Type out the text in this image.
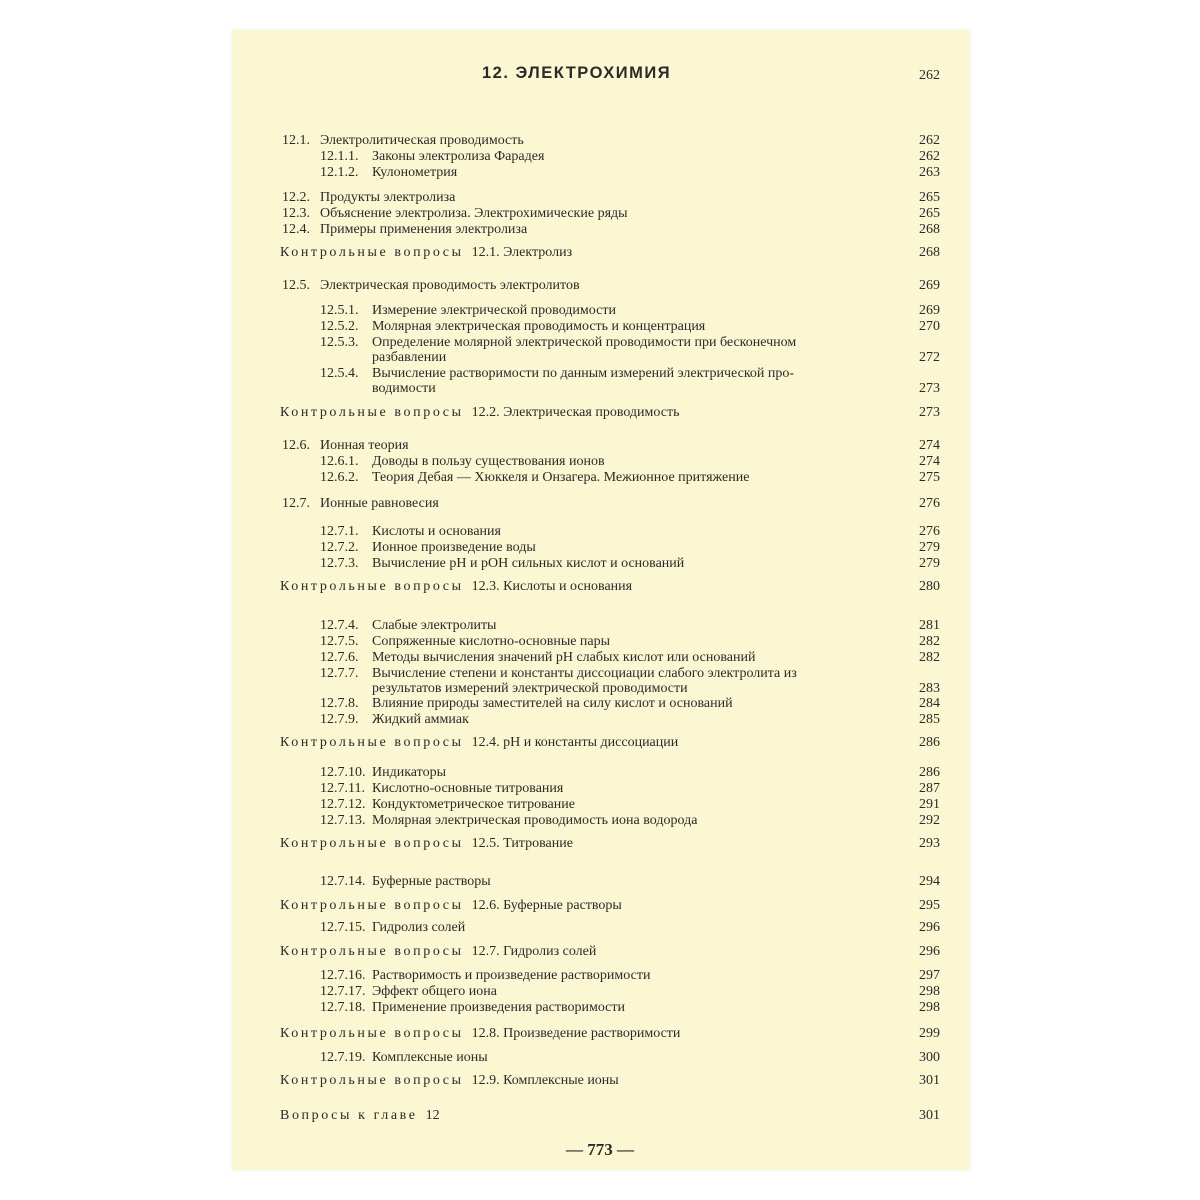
12. ЭЛЕКТРОХИМИЯ	262
12.1. Электролитическая проводимость	262
12.1.1. Законы электролиза Фарадея	262
12.1.2. Кулонометрия	263
12.2. Продукты электролиза	265
12.3. Объяснение электролиза. Электрохимические ряды	265
12.4. Примеры применения электролиза	268
Контрольные вопросы 12.1. Электролиз	268
12.5. Электрическая проводимость электролитов	269
12.5.1. Измерение электрической проводимости	269
12.5.2. Молярная электрическая проводимость и концентрация	270
12.5.3. Определение молярной электрической проводимости при бесконечном
разбавлении	272
12.5.4. Вычисление растворимости по данным измерений электрической про-
водимости	273
Контрольные вопросы 12.2. Электрическая проводимость	273
12.6. Ионная теория	274
12.6.1. Доводы в пользу существования ионов	274
12.6.2. Теория Дебая — Хюккеля и Онзагера. Межионное притяжение	275
12.7. Ионные равновесия	276
12.7.1. Кислоты и основания	276
12.7.2. Ионное произведение воды	279
12.7.3. Вычисление pH и pOH сильных кислот и оснований	279
Контрольные вопросы 12.3. Кислоты и основания	280
12.7.4. Слабые электролиты	281
12.7.5. Сопряженные кислотно-основные пары	282
12.7.6. Методы вычисления значений pH слабых кислот или оснований	282
12.7.7. Вычисление степени и константы диссоциации слабого электролита из
результатов измерений электрической проводимости	283
12.7.8. Влияние природы заместителей на силу кислот и оснований	284
12.7.9. Жидкий аммиак	285
Контрольные вопросы 12.4. pH и константы диссоциации	286
12.7.10. Индикаторы	286
12.7.11. Кислотно-основные титрования	287
12.7.12. Кондуктометрическое титрование	291
12.7.13. Молярная электрическая проводимость иона водорода	292
Контрольные вопросы 12.5. Титрование	293
12.7.14. Буферные растворы	294
Контрольные вопросы 12.6. Буферные растворы	295
12.7.15. Гидролиз солей	296
Контрольные вопросы 12.7. Гидролиз солей	296
12.7.16. Растворимость и произведение растворимости	297
12.7.17. Эффект общего иона	298
12.7.18. Применение произведения растворимости	298
Контрольные вопросы 12.8. Произведение растворимости	299
12.7.19. Комплексные ионы	300
Контрольные вопросы 12.9. Комплексные ионы	301
Вопросы к главе 12	301
— 773 —
